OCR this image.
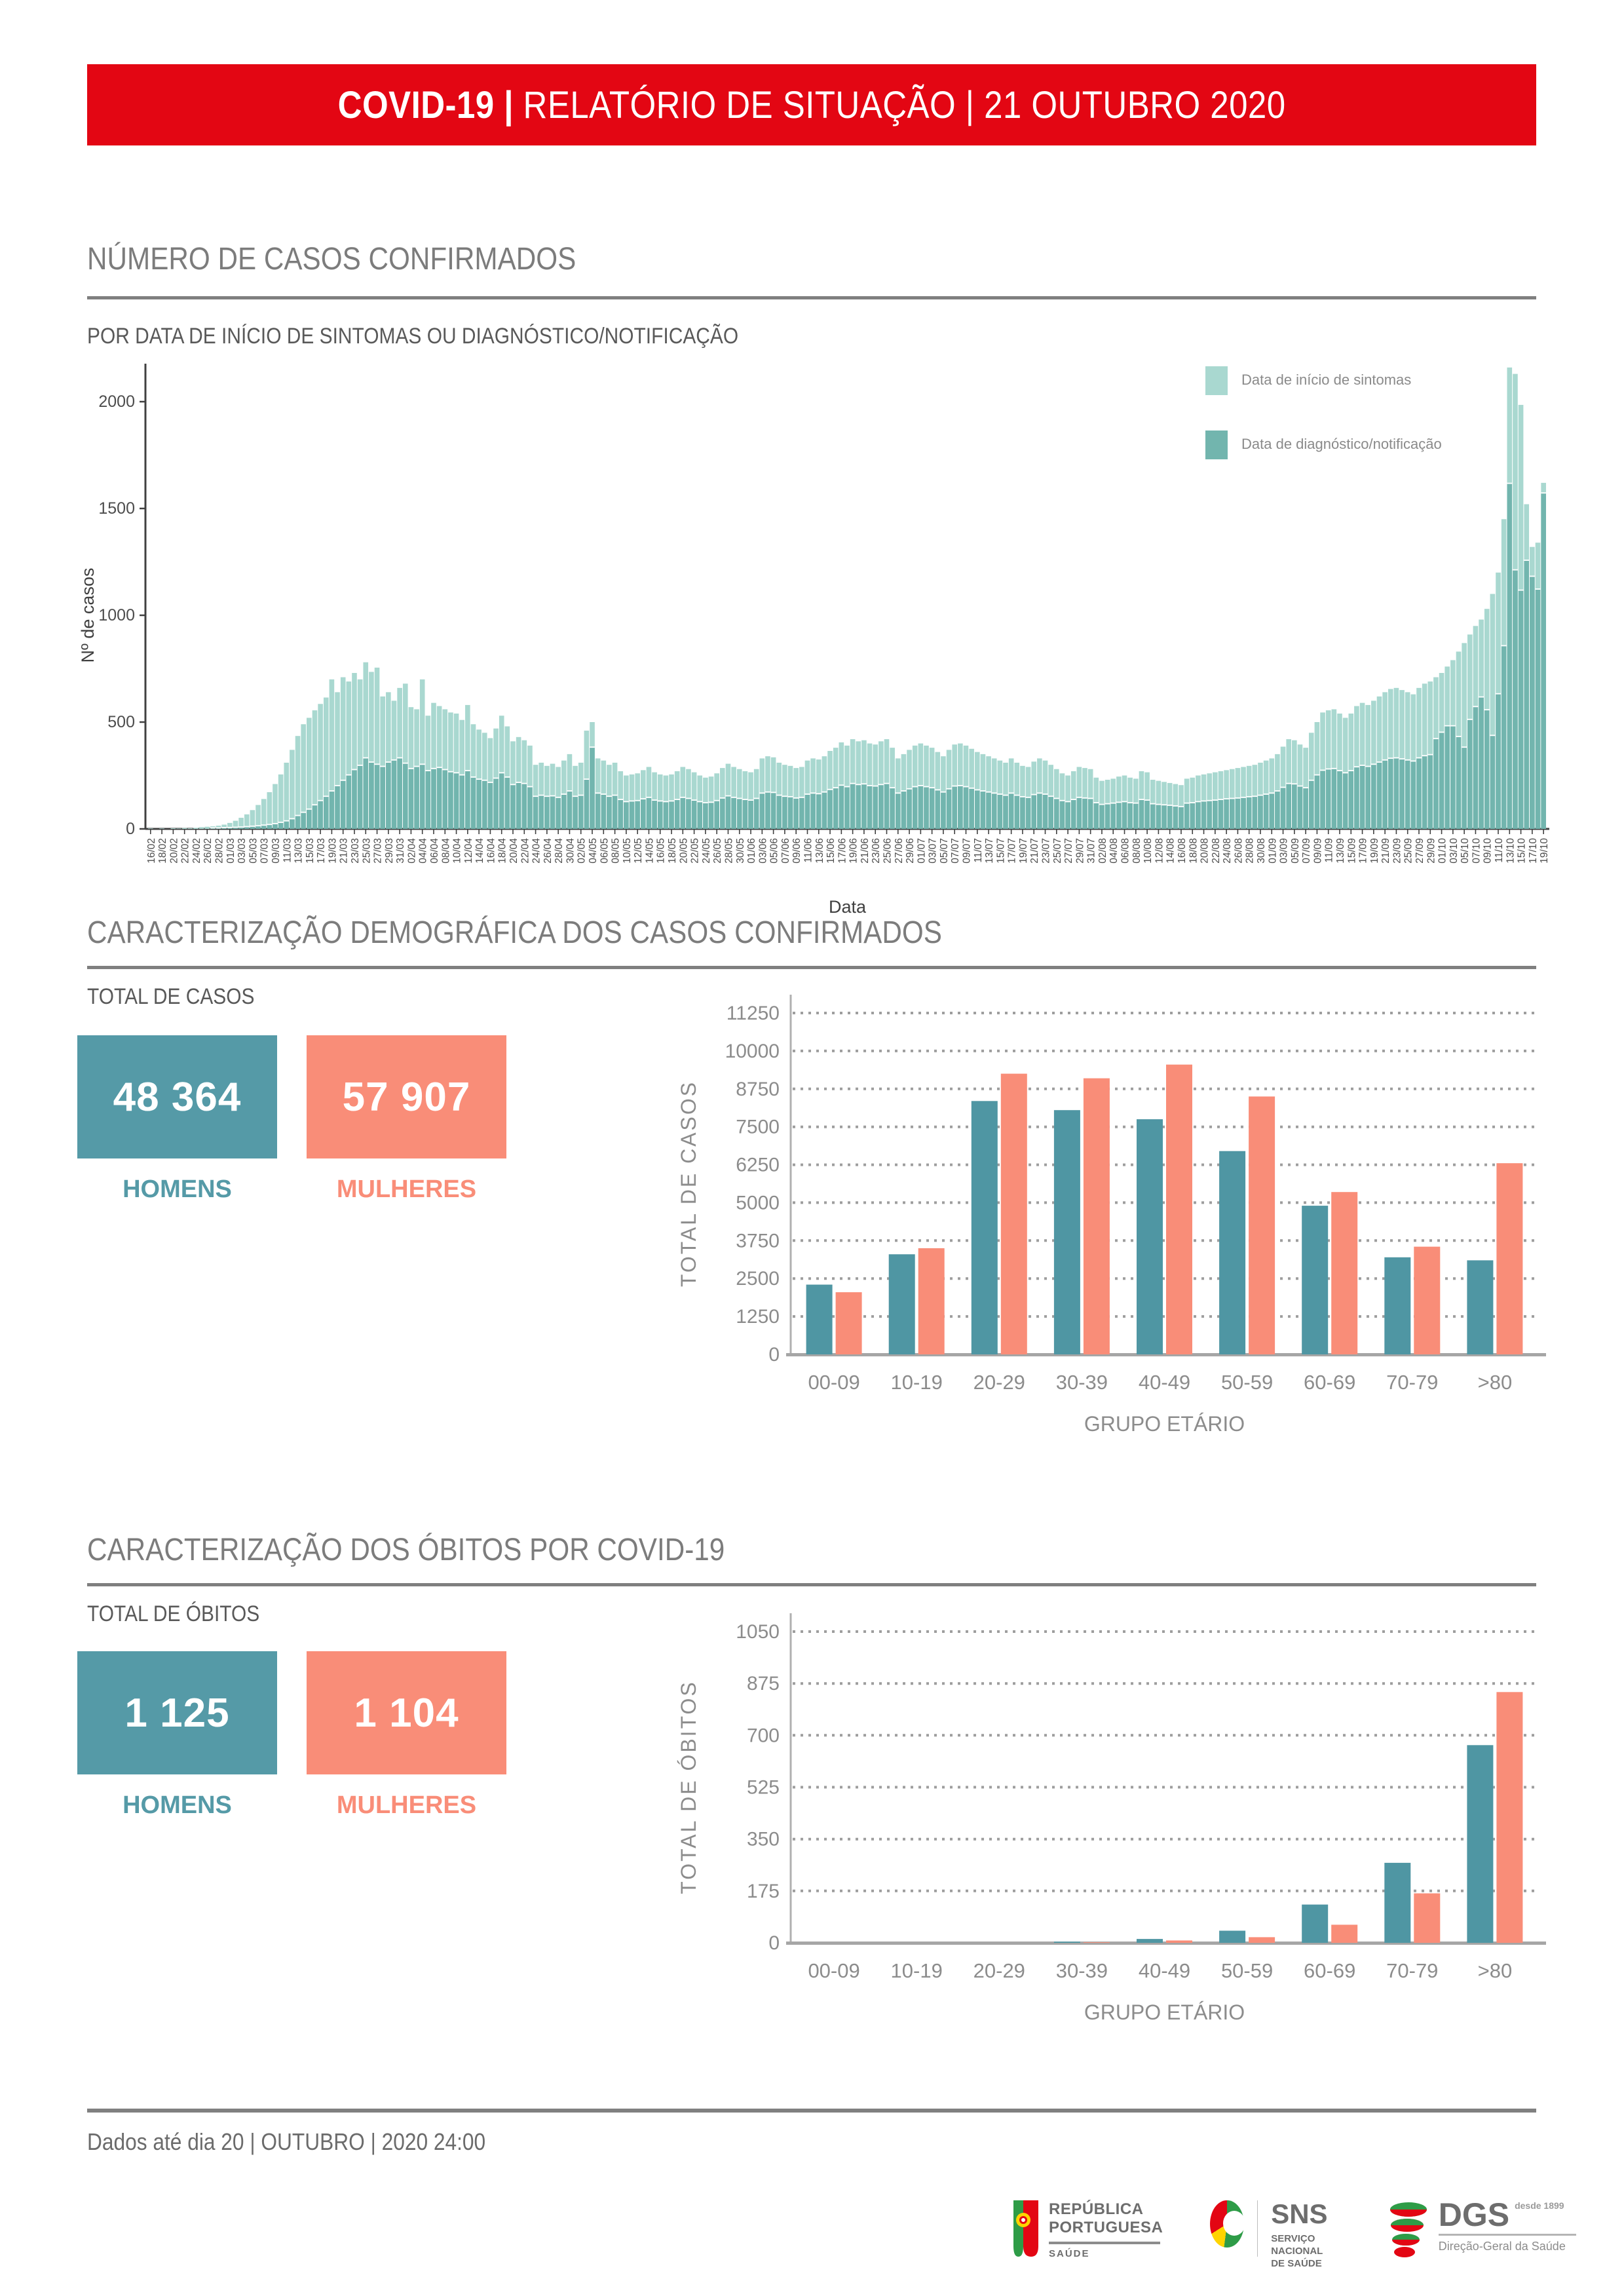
COVID-19 | RELATÓRIO DE SITUAÇÃO | 21 OUTUBRO 2020
NÚMERO DE CASOS CONFIRMADOS
POR DATA DE INÍCIO DE SINTOMAS OU DIAGNÓSTICO/NOTIFICAÇÃO
0
500
1000
1500
2000
16/02 18/02 20/02 22/02 24/02 26/02 28/02 01/03 03/03 05/03 07/03 09/03 11/03 13/03 15/03 17/03 19/03 21/03 23/03 25/03 27/03 29/03 31/03 02/04 04/04 06/04 08/04 10/04 12/04 14/04 16/04 18/04 20/04 22/04 24/04 26/04 28/04 30/04 02/05 04/05 06/05 08/05 10/05 12/05 14/05 16/05 18/05 20/05 22/05 24/05 26/05 28/05 30/05 01/06 03/06 05/06 07/06 09/06 11/06 13/06 15/06 17/06 19/06 21/06 23/06 25/06 27/06 29/06 01/07 03/07 05/07 07/07 09/07 11/07 13/07 15/07 17/07 19/07 21/07 23/07 25/07 27/07 29/07 31/07 02/08 04/08 06/08 08/08 10/08 12/08 14/08 16/08 18/08 20/08 22/08 24/08 26/08 28/08 30/08 01/09 03/09 05/09 07/09 09/09 11/09 13/09 15/09 17/09 19/09 21/09 23/09 25/09 27/09 29/09 01/10 03/10 05/10 07/10 09/10 11/10 13/10 15/10 17/10 19/10
Nº de casos
Data
Data de início de sintomas
Data de diagnóstico/notificação
CARACTERIZAÇÃO DEMOGRÁFICA DOS CASOS CONFIRMADOS
TOTAL DE CASOS
48 364 57 907
HOMENS	MULHERES
0
1250
2500
3750
5000
6250
7500
8750
10000
11250
00-09 10-19 20-29 30-39 40-49 50-59 60-69 70-79 >80
GRUPO ETÁRIO
TOTAL DE CASOS
CARACTERIZAÇÃO DOS ÓBITOS POR COVID-19
TOTAL DE ÓBITOS
1 125	1 104
HOMENS	MULHERES
0
175
350
525
700
875
1050
00-09 10-19 20-29 30-39 40-49 50-59 60-69 70-79 >80
GRUPO ETÁRIO
TOTAL DE ÓBITOS
Dados até dia 20 | OUTUBRO | 2020 24:00
REPÚBLICA
PORTUGUESA
SAÚDE
SNS
SERVIÇO NACIONAL
DE SAÚDE
DGS desde 1899
Direção-Geral da Saúde
